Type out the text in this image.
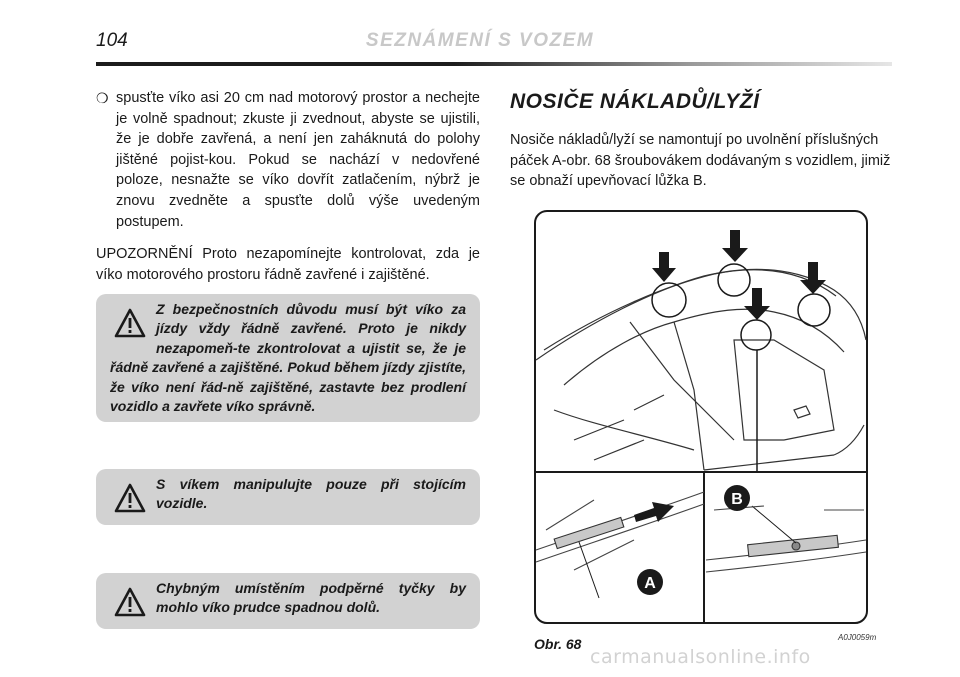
104	SEZNÁMENÍ S VOZEM
❍ spusťte víko asi 20 cm nad motorový prostor a nechejte je volně spadnout; zkuste ji zvednout, abyste se ujistili, že je dobře zavřená, a není jen zaháknutá do polohy jištěné pojist-kou. Pokud se nachází v nedovřené poloze, nesnažte se víko dovřít zatlačením, nýbrž je znovu zvedněte a spusťte dolů výše uvedeným postupem.
UPOZORNĚNÍ Proto nezapomínejte kontrolovat, zda je víko motorového prostoru řádně zavřené i zajištěné.
Z bezpečnostních důvodu musí být víko za jízdy vždy řádně zavřené. Proto je nikdy nezapomeň-te zkontrolovat a ujistit se, že je řádně zavřené a zajištěné. Pokud během jízdy zjistíte, že víko není řád-ně zajištěné, zastavte bez prodlení vozidlo a zavřete víko správně.
S víkem manipulujte pouze při stojícím vozidle.
Chybným umístěním podpěrné tyčky by mohlo víko prudce spadnou dolů.
NOSIČE NÁKLADŮ/LYŽÍ
Nosiče nákladů/lyží se namontují po uvolnění příslušných páček A-obr. 68 šroubovákem dodávaným s vozidlem, jimiž se obnaží upevňovací lůžka B.
A
B
Obr. 68	A0J0059m
carmanualsonline.info
